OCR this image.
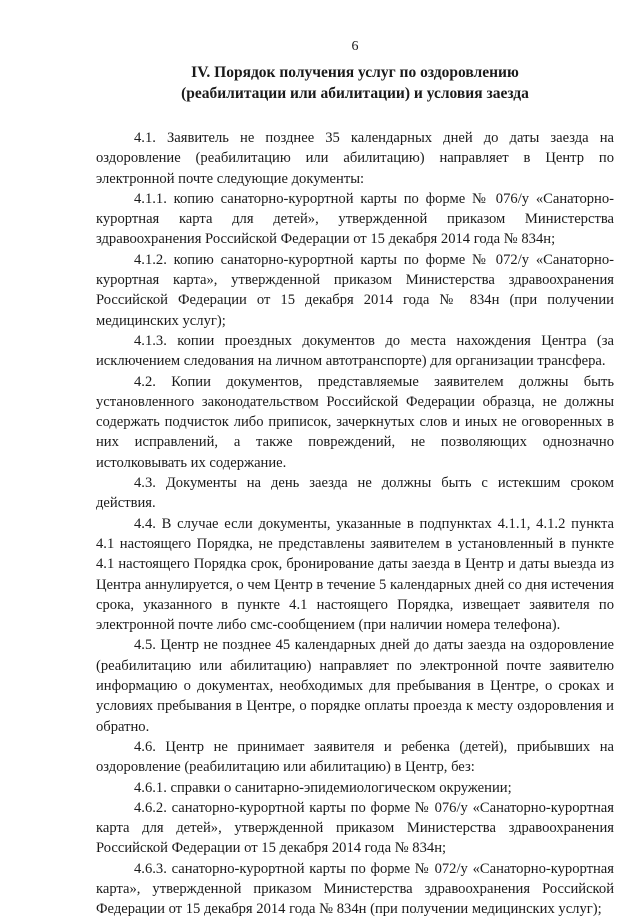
6
IV. Порядок получения услуг по оздоровлению
(реабилитации или абилитации) и условия заезда

4.1. Заявитель не позднее 35 календарных дней до даты заезда на оздоровление (реабилитацию или абилитацию) направляет в Центр по электронной почте следующие документы:

4.1.1. копию санаторно-курортной карты по форме № 076/у «Санаторно-курортная карта для детей», утвержденной приказом Министерства здравоохранения Российской Федерации от 15 декабря 2014 года № 834н;

4.1.2. копию санаторно-курортной карты по форме № 072/у «Санаторно-курортная карта», утвержденной приказом Министерства здравоохранения Российской Федерации от 15 декабря 2014 года № 834н (при получении медицинских услуг);

4.1.3. копии проездных документов до места нахождения Центра (за исключением следования на личном автотранспорте) для организации трансфера.

4.2. Копии документов, представляемые заявителем должны быть установленного законодательством Российской Федерации образца, не должны содержать подчисток либо приписок, зачеркнутых слов и иных не оговоренных в них исправлений, а также повреждений, не позволяющих однозначно истолковывать их содержание.

4.3. Документы на день заезда не должны быть с истекшим сроком действия.

4.4. В случае если документы, указанные в подпунктах 4.1.1, 4.1.2 пункта 4.1 настоящего Порядка, не представлены заявителем в установленный в пункте 4.1 настоящего Порядка срок, бронирование даты заезда в Центр и даты выезда из Центра аннулируется, о чем Центр в течение 5 календарных дней со дня истечения срока, указанного в пункте 4.1 настоящего Порядка, извещает заявителя по электронной почте либо смс-сообщением (при наличии номера телефона).

4.5. Центр не позднее 45 календарных дней до даты заезда на оздоровление (реабилитацию или абилитацию) направляет по электронной почте заявителю информацию о документах, необходимых для пребывания в Центре, о сроках и условиях пребывания в Центре, о порядке оплаты проезда к месту оздоровления и обратно.

4.6. Центр не принимает заявителя и ребенка (детей), прибывших на оздоровление (реабилитацию или абилитацию) в Центр, без:

4.6.1. справки о санитарно-эпидемиологическом окружении;

4.6.2. санаторно-курортной карты по форме № 076/у «Санаторно-курортная карта для детей», утвержденной приказом Министерства здравоохранения Российской Федерации от 15 декабря 2014 года № 834н;

4.6.3. санаторно-курортной карты по форме № 072/у «Санаторно-курортная карта», утвержденной приказом Министерства здравоохранения Российской Федерации от 15 декабря 2014 года № 834н (при получении медицинских услуг);
